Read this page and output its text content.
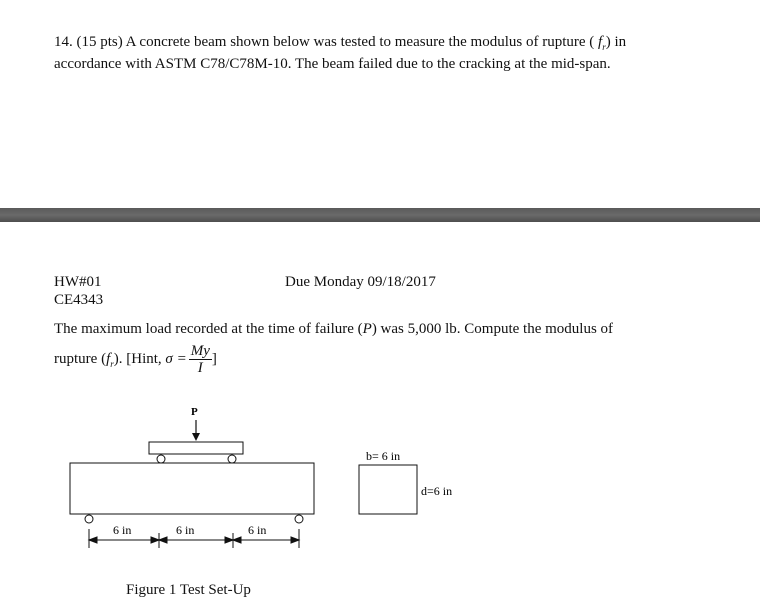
14. (15 pts) A concrete beam shown below was tested to measure the modulus of rupture ( $f_r$) in
accordance with ASTM C78/C78M-10. The beam failed due to the cracking at the mid-span.
HW#01
CE4343
Due Monday 09/18/2017
The maximum load recorded at the time of failure (P) was 5,000 lb. Compute the modulus of
rupture $(f_r)$. [Hint, $\sigma = \frac{My}{I}$ ]
P
6 in	6 in	6 in
b= 6 in
d=6 in
Figure 1 Test Set-Up
